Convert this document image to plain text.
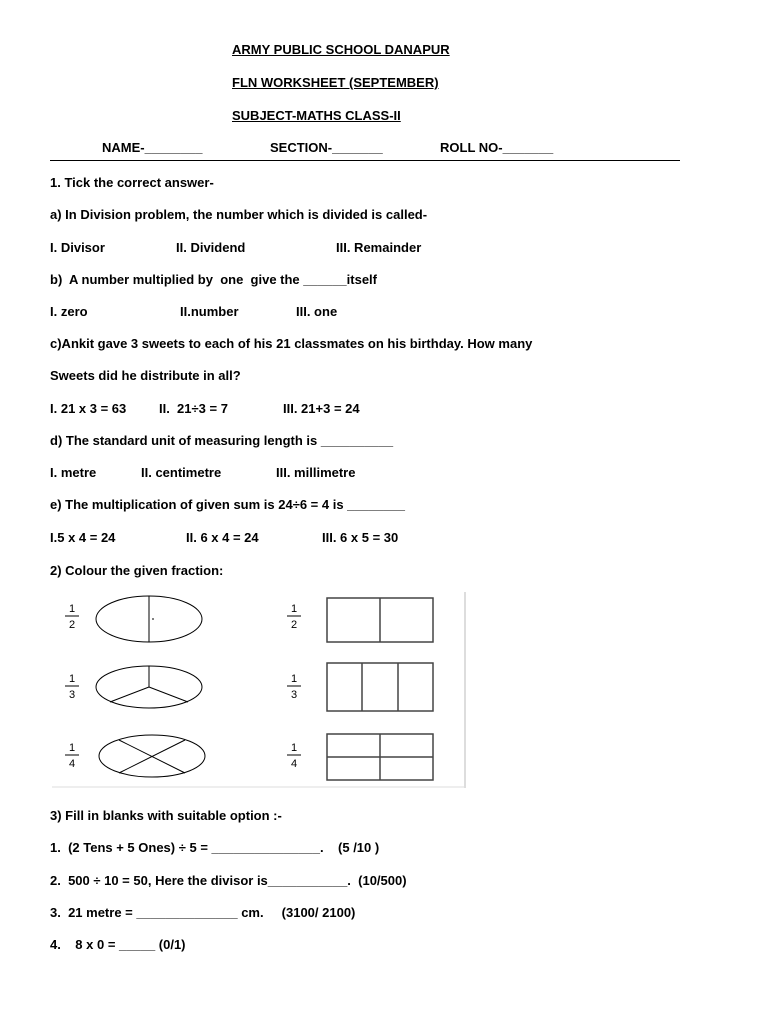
ARMY PUBLIC SCHOOL DANAPUR
FLN WORKSHEET (SEPTEMBER)
SUBJECT-MATHS CLASS-II
NAME-________	SECTION-_______	ROLL NO-_______
1. Tick the correct answer-
a) In Division problem, the number which is divided is called-
I. Divisor	II. Dividend	III. Remainder
b)  A number multiplied by  one  give the ______itself
I. zero	II.number	III. one
c)Ankit gave 3 sweets to each of his 21 classmates on his birthday. How many
Sweets did he distribute in all?
I. 21 x 3 = 63	II.  21÷3 = 7	III. 21+3 = 24
d) The standard unit of measuring length is __________
I. metre	II. centimetre	III. millimetre
e) The multiplication of given sum is 24÷6 = 4 is ________
I.5 x 4 = 24	II. 6 x 4 = 24	III. 6 x 5 = 30
2) Colour the given fraction:
1
2
1
3
1
4
1
2
1
3
1
4
3) Fill in blanks with suitable option :-
1.  (2 Tens + 5 Ones) ÷ 5 = _______________.    (5 /10 )
2.  500 ÷ 10 = 50, Here the divisor is___________.  (10/500)
3.  21 metre = ______________ cm.     (3100/ 2100)
4.    8 x 0 = _____ (0/1)
